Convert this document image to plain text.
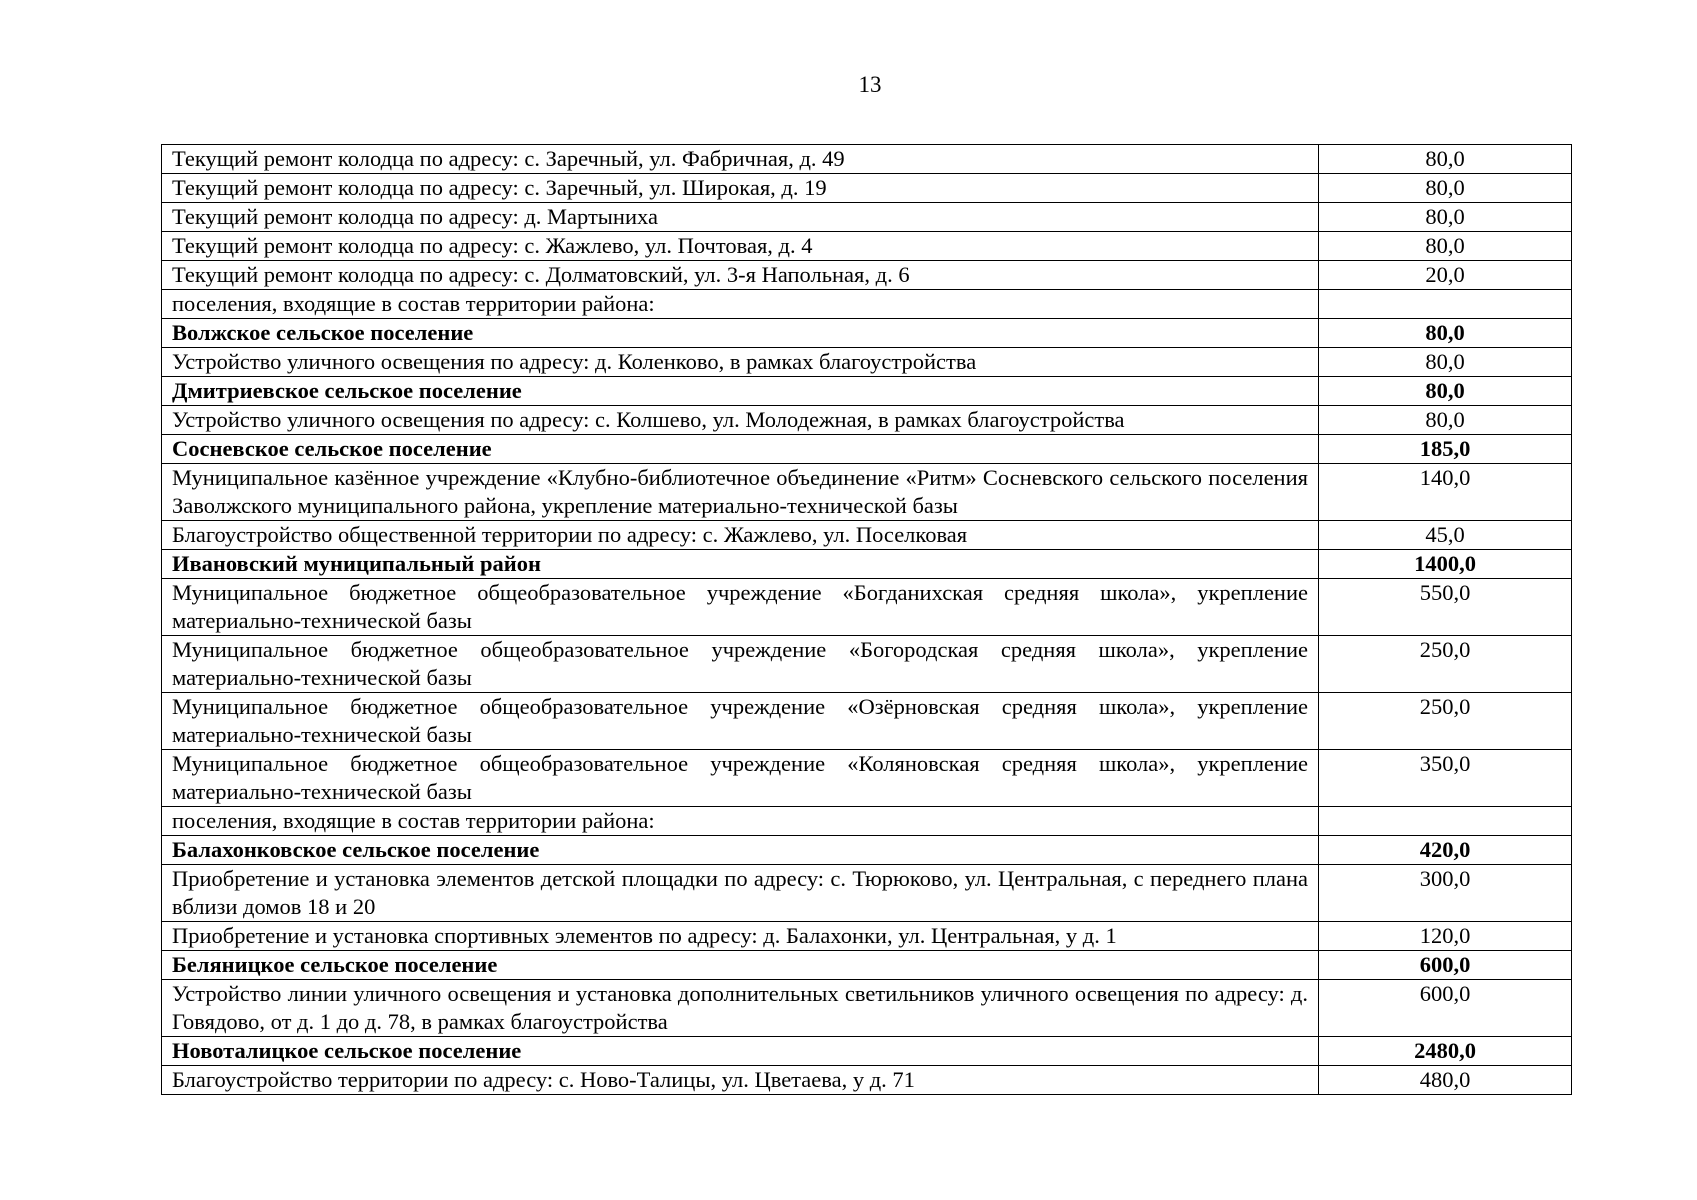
13
Текущий ремонт колодца по адресу: с. Заречный, ул. Фабричная, д. 49	80,0
Текущий ремонт колодца по адресу: с. Заречный, ул. Широкая, д. 19	80,0
Текущий ремонт колодца по адресу: д. Мартыниха	80,0
Текущий ремонт колодца по адресу: с. Жажлево, ул. Почтовая, д. 4	80,0
Текущий ремонт колодца по адресу: с. Долматовский, ул. 3-я Напольная, д. 6	20,0
поселения, входящие в состав территории района:	
Волжское сельское поселение	80,0
Устройство уличного освещения по адресу: д. Коленково, в рамках благоустройства	80,0
Дмитриевское сельское поселение	80,0
Устройство уличного освещения по адресу: с. Колшево, ул. Молодежная, в рамках благоустройства	80,0
Сосневское сельское поселение	185,0
Муниципальное казённое учреждение «Клубно-библиотечное объединение «Ритм» Сосневского сельского поселения Заволжского муниципального района, укрепление материально-технической базы	140,0
Благоустройство общественной территории по адресу: с. Жажлево, ул. Поселковая	45,0
Ивановский муниципальный район	1400,0
Муниципальное бюджетное общеобразовательное учреждение «Богданихская средняя школа», укрепление материально-технической базы	550,0
Муниципальное бюджетное общеобразовательное учреждение «Богородская средняя школа», укрепление материально-технической базы	250,0
Муниципальное бюджетное общеобразовательное учреждение «Озёрновская средняя школа», укрепление материально-технической базы	250,0
Муниципальное бюджетное общеобразовательное учреждение «Коляновская средняя школа», укрепление материально-технической базы	350,0
поселения, входящие в состав территории района:	
Балахонковское сельское поселение	420,0
Приобретение и установка элементов детской площадки по адресу: с. Тюрюково, ул. Центральная, с переднего плана вблизи домов 18 и 20	300,0
Приобретение и установка спортивных элементов по адресу: д. Балахонки, ул. Центральная, у д. 1	120,0
Беляницкое сельское поселение	600,0
Устройство линии уличного освещения и установка дополнительных светильников уличного освещения по адресу: д. Говядово, от д. 1 до д. 78, в рамках благоустройства	600,0
Новоталицкое сельское поселение	2480,0
Благоустройство территории по адресу: с. Ново-Талицы, ул. Цветаева, у д. 71	480,0
